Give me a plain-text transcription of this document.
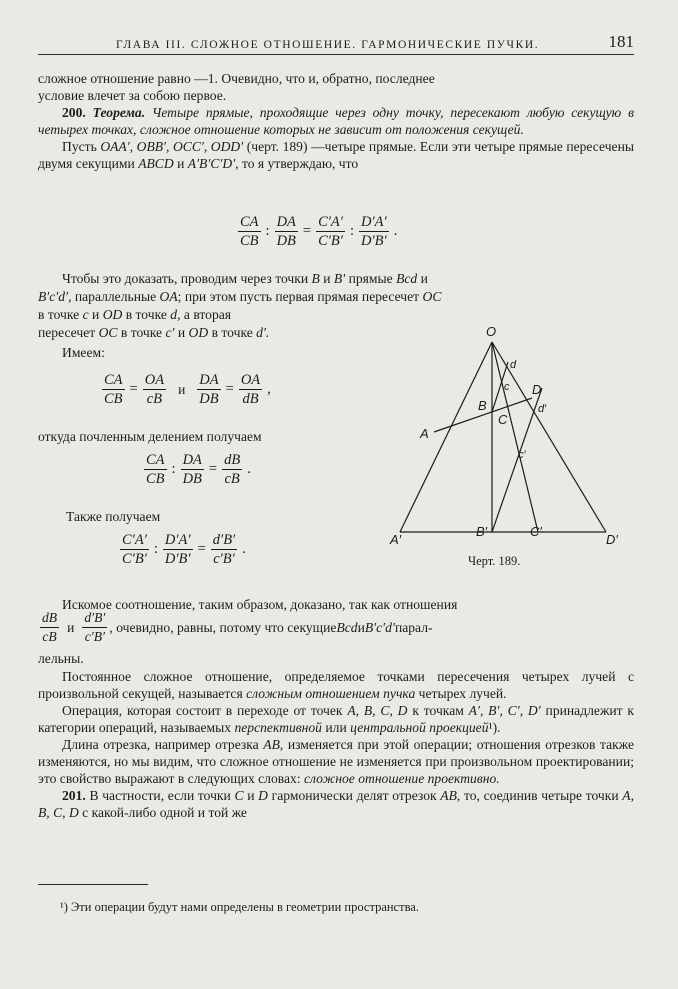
ГЛАВА III. СЛОЖНОЕ ОТНОШЕНИЕ. ГАРМОНИЧЕСКИЕ ПУЧКИ.	181

сложное отношение равно —1. Очевидно, что и, обратно, последнее

условие влечет за собою первое.

200. Теорема. Четыре прямые, проходящие через одну точку, пересекают любую секущую в четырех точках, сложное отношение которых не зависит от положения секущей.

Пусть OAA′, OBB′, OCC′, ODD′ (черт. 189) —четыре прямые. Если эти четыре прямые пересечены двумя секущими ABCD и A′B′C′D′, то я утверждаю, что

$\frac{CA}{CB}$ : $\frac{DA}{DB} = \frac{C'A'}{C'B'}$ : $\frac{D'A'}{D'B'}$ .
Чтобы это доказать, проводим через точки B и B′ прямые Bcd и
B′c′d′, параллельные OA; при этом пусть первая прямая пересечет OC
в точке c и OD в точке d, а вторая
пересечет OC в точке c′ и OD в точке d′.
Имеем:
$\frac{CA}{CB} = \frac{OA}{cB}$ и $\frac{DA}{DB} = \frac{OA}{dB}$ ,
откуда почленным делением получаем
$\frac{CA}{CB}$ : $\frac{DA}{DB} = \frac{dB}{cB}$ .
Также получаем
$\frac{C'A'}{C'B'}$ : $\frac{D'A'}{D'B'} = \frac{d'B'}{c'B'}$ .
O
A
B
C
D
A′
B′	C′
D′
c
d
c′
d′
Черт. 189.
Искомое соотношение, таким образом, доказано, так как отношения
$\frac{dB}{cB}$ и $\frac{d'B'}{c'B'}$ , очевидно, равны, потому что секущие Bcd и B′c′d′ парал-
лельны.

Постоянное сложное отношение, определяемое точками пересечения четырех лучей с произвольной секущей, называется сложным отношением пучка четырех лучей.

Операция, которая состоит в переходе от точек A, B, C, D к точкам A′, B′, C′, D′ принадлежит к категории операций, называемых перспективной или центральной проекцией¹).

Длина отрезка, например отрезка AB, изменяется при этой операции; отношения отрезков также изменяются, но мы видим, что сложное отношение не изменяется при произвольном проектировании; это свойство выражают в следующих словах: сложное отношение проективно.

201. В частности, если точки C и D гармонически делят отрезок AB, то, соединив четыре точки A, B, C, D с какой-либо одной и той же

¹) Эти операции будут нами определены в геометрии пространства.
